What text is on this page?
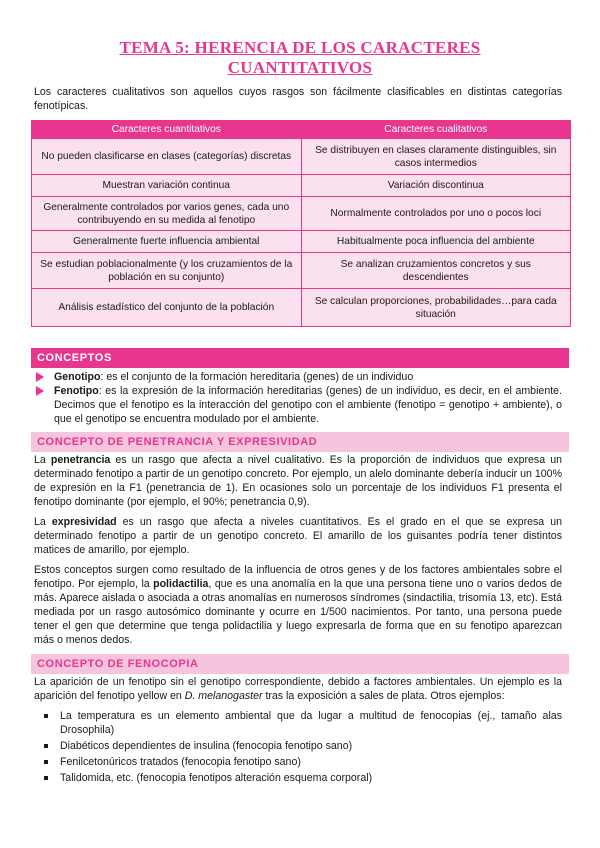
TEMA 5: HERENCIA DE LOS CARACTERES
CUANTITATIVOS
Los caracteres cualitativos son aquellos cuyos rasgos son fácilmente clasificables en distintas categorías fenotípicas.
Caracteres cuantitativos	Caracteres cualitativos
No pueden clasificarse en clases (categorías) discretas	Se distribuyen en clases claramente distinguibles, sin casos intermedios
Muestran variación continua	Variación discontinua
Generalmente controlados por varios genes, cada uno contribuyendo en su medida al fenotipo	Normalmente controlados por uno o pocos loci
Generalmente fuerte influencia ambiental	Habitualmente poca influencia del ambiente
Se estudian poblacionalmente (y los cruzamientos de la población en su conjunto)	Se analizan cruzamientos concretos y sus descendientes
Análisis estadístico del conjunto de la población	Se calculan proporciones, probabilidades…para cada situación
CONCEPTOS
Genotipo: es el conjunto de la formación hereditaria (genes) de un individuo
Fenotipo: es la expresión de la información hereditarias (genes) de un individuo, es decir, en el ambiente. Decimos que el fenotipo es la interacción del genotipo con el ambiente (fenotipo = genotipo + ambiente), o que el genotipo se encuentra modulado por el ambiente.
CONCEPTO DE PENETRANCIA Y EXPRESIVIDAD

La penetrancia es un rasgo que afecta a nivel cualitativo. Es la proporción de individuos que expresa un determinado fenotipo a partir de un genotipo concreto. Por ejemplo, un alelo dominante debería inducir un 100% de expresión en la F1 (penetrancia de 1). En ocasiones solo un porcentaje de los individuos F1 presenta el fenotipo dominante (por ejemplo, el 90%; penetrancia 0,9).

La expresividad es un rasgo que afecta a niveles cuantitativos. Es el grado en el que se expresa un determinado fenotipo a partir de un genotipo concreto. El amarillo de los guisantes podría tener distintos matices de amarillo, por ejemplo.

Estos conceptos surgen como resultado de la influencia de otros genes y de los factores ambientales sobre el fenotipo. Por ejemplo, la polidactilia, que es una anomalía en la que una persona tiene uno o varios dedos de más. Aparece aislada o asociada a otras anomalías en numerosos síndromes (sindactilia, trisomía 13, etc). Está mediada por un rasgo autosómico dominante y ocurre en 1/500 nacimientos. Por tanto, una persona puede tener el gen que determine que tenga polidactilia y luego expresarla de forma que en su fenotipo aparezcan más o menos dedos.

CONCEPTO DE FENOCOPIA

La aparición de un fenotipo sin el genotipo correspondiente, debido a factores ambientales. Un ejemplo es la aparición del fenotipo yellow en D. melanogaster tras la exposición a sales de plata. Otros ejemplos:

La temperatura es un elemento ambiental que da lugar a multitud de fenocopias (ej., tamaño alas Drosophila)
Diabéticos dependientes de insulina (fenocopia fenotipo sano)
Fenilcetonúricos tratados (fenocopia fenotipo sano)
Talidomida, etc. (fenocopia fenotipos alteración esquema corporal)
